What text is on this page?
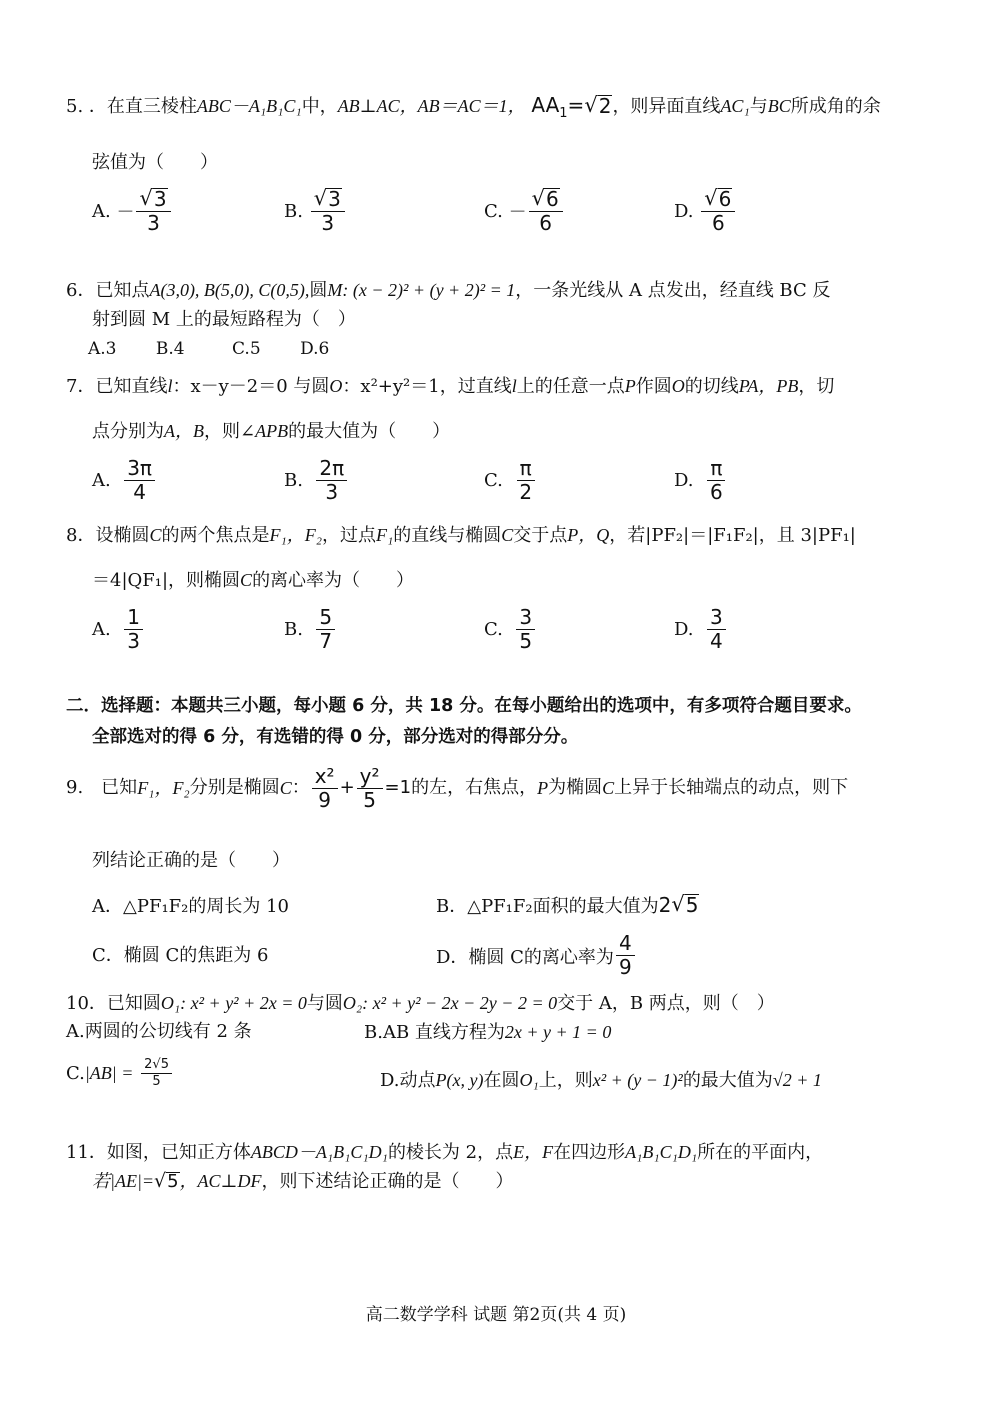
5. ．在直三棱柱ABC－A₁B₁C₁中，AB⊥AC，AB＝AC＝1， $AA_1=$ √ 2 ，则异面直线AC₁与BC所成角的余
弦值为（　　）
A.
－ $\frac{√ 3}{3}$	B.
$\frac{√ 3}{3}$	C.
－ $\frac{√ 6}{6}$	D.
$\frac{√ 6}{6}$
6．已知点A(3,0), B(5,0), C(0,5),圆M: (x − 2)² + (y + 2)² = 1，一条光线从 A 点发出，经直线 BC 反
射到圆 M 上的最短路程为（　）
A.3 B.4	C.5 D.6
7．已知直线l：x－y－2＝0 与圆O：x²+y²＝1，过直线l上的任意一点P作圆O的切线PA，PB，切
点分别为A，B，则∠APB的最大值为（　　）
A.
$\frac{3\pi}{4}$	B.
$\frac{2\pi}{3}$	C.
$\frac{\pi}{2}$	D.
$\frac{\pi}{6}$
8．设椭圆C的两个焦点是F₁，F₂，过点F₁的直线与椭圆C交于点P，Q，若|PF₂|＝|F₁F₂|，且 3|PF₁|
＝4|QF₁|，则椭圆C的离心率为（　　）
A.
$\frac{1}{3}$	B.
$\frac{5}{7}$	C.
$\frac{3}{5}$	D.
$\frac{3}{4}$
二．选择题：本题共三小题，每小题 6 分，共 18 分。在每小题给出的选项中，有多项符合题目要求。
全部选对的得 6 分，有选错的得 0 分，部分选对的得部分分。
9.　已知 F₁，F₂ 分别是椭圆 C ： $\frac{\text{x²}}{9} + \frac{\text{y²}}{5} =1$ 的左，右焦点， P 为椭圆 C 上异于长轴端点的动点，则下
列结论正确的是（　　）
A．△PF₁F₂的周长为 10	B．△PF₁F₂面积的最大值为 2 √ 5
C．椭圆 C的焦距为 6	D．椭圆 C的离心率为 $\frac{4}{9}$
10．已知圆O₁: x² + y² + 2x = 0与圆O₂: x² + y² − 2x − 2y − 2 = 0交于 A，B 两点，则（　）
A.两圆的公切线有 2 条	B.AB 直线方程为2x + y + 1 = 0
C. |AB| =
$\frac{2√5}{5}$	D.动点P(x, y)在圆O₁上，则x² + (y − 1)²的最大值为√2 + 1
11．如图，已知正方体ABCD－A₁B₁C₁D₁的棱长为 2，点E，F在四边形A₁B₁C₁D₁所在的平面内，
若|AE|= √ 5 ，AC⊥DF，则下述结论正确的是（　　）
高二数学学科 试题 第2页(共 4 页)
